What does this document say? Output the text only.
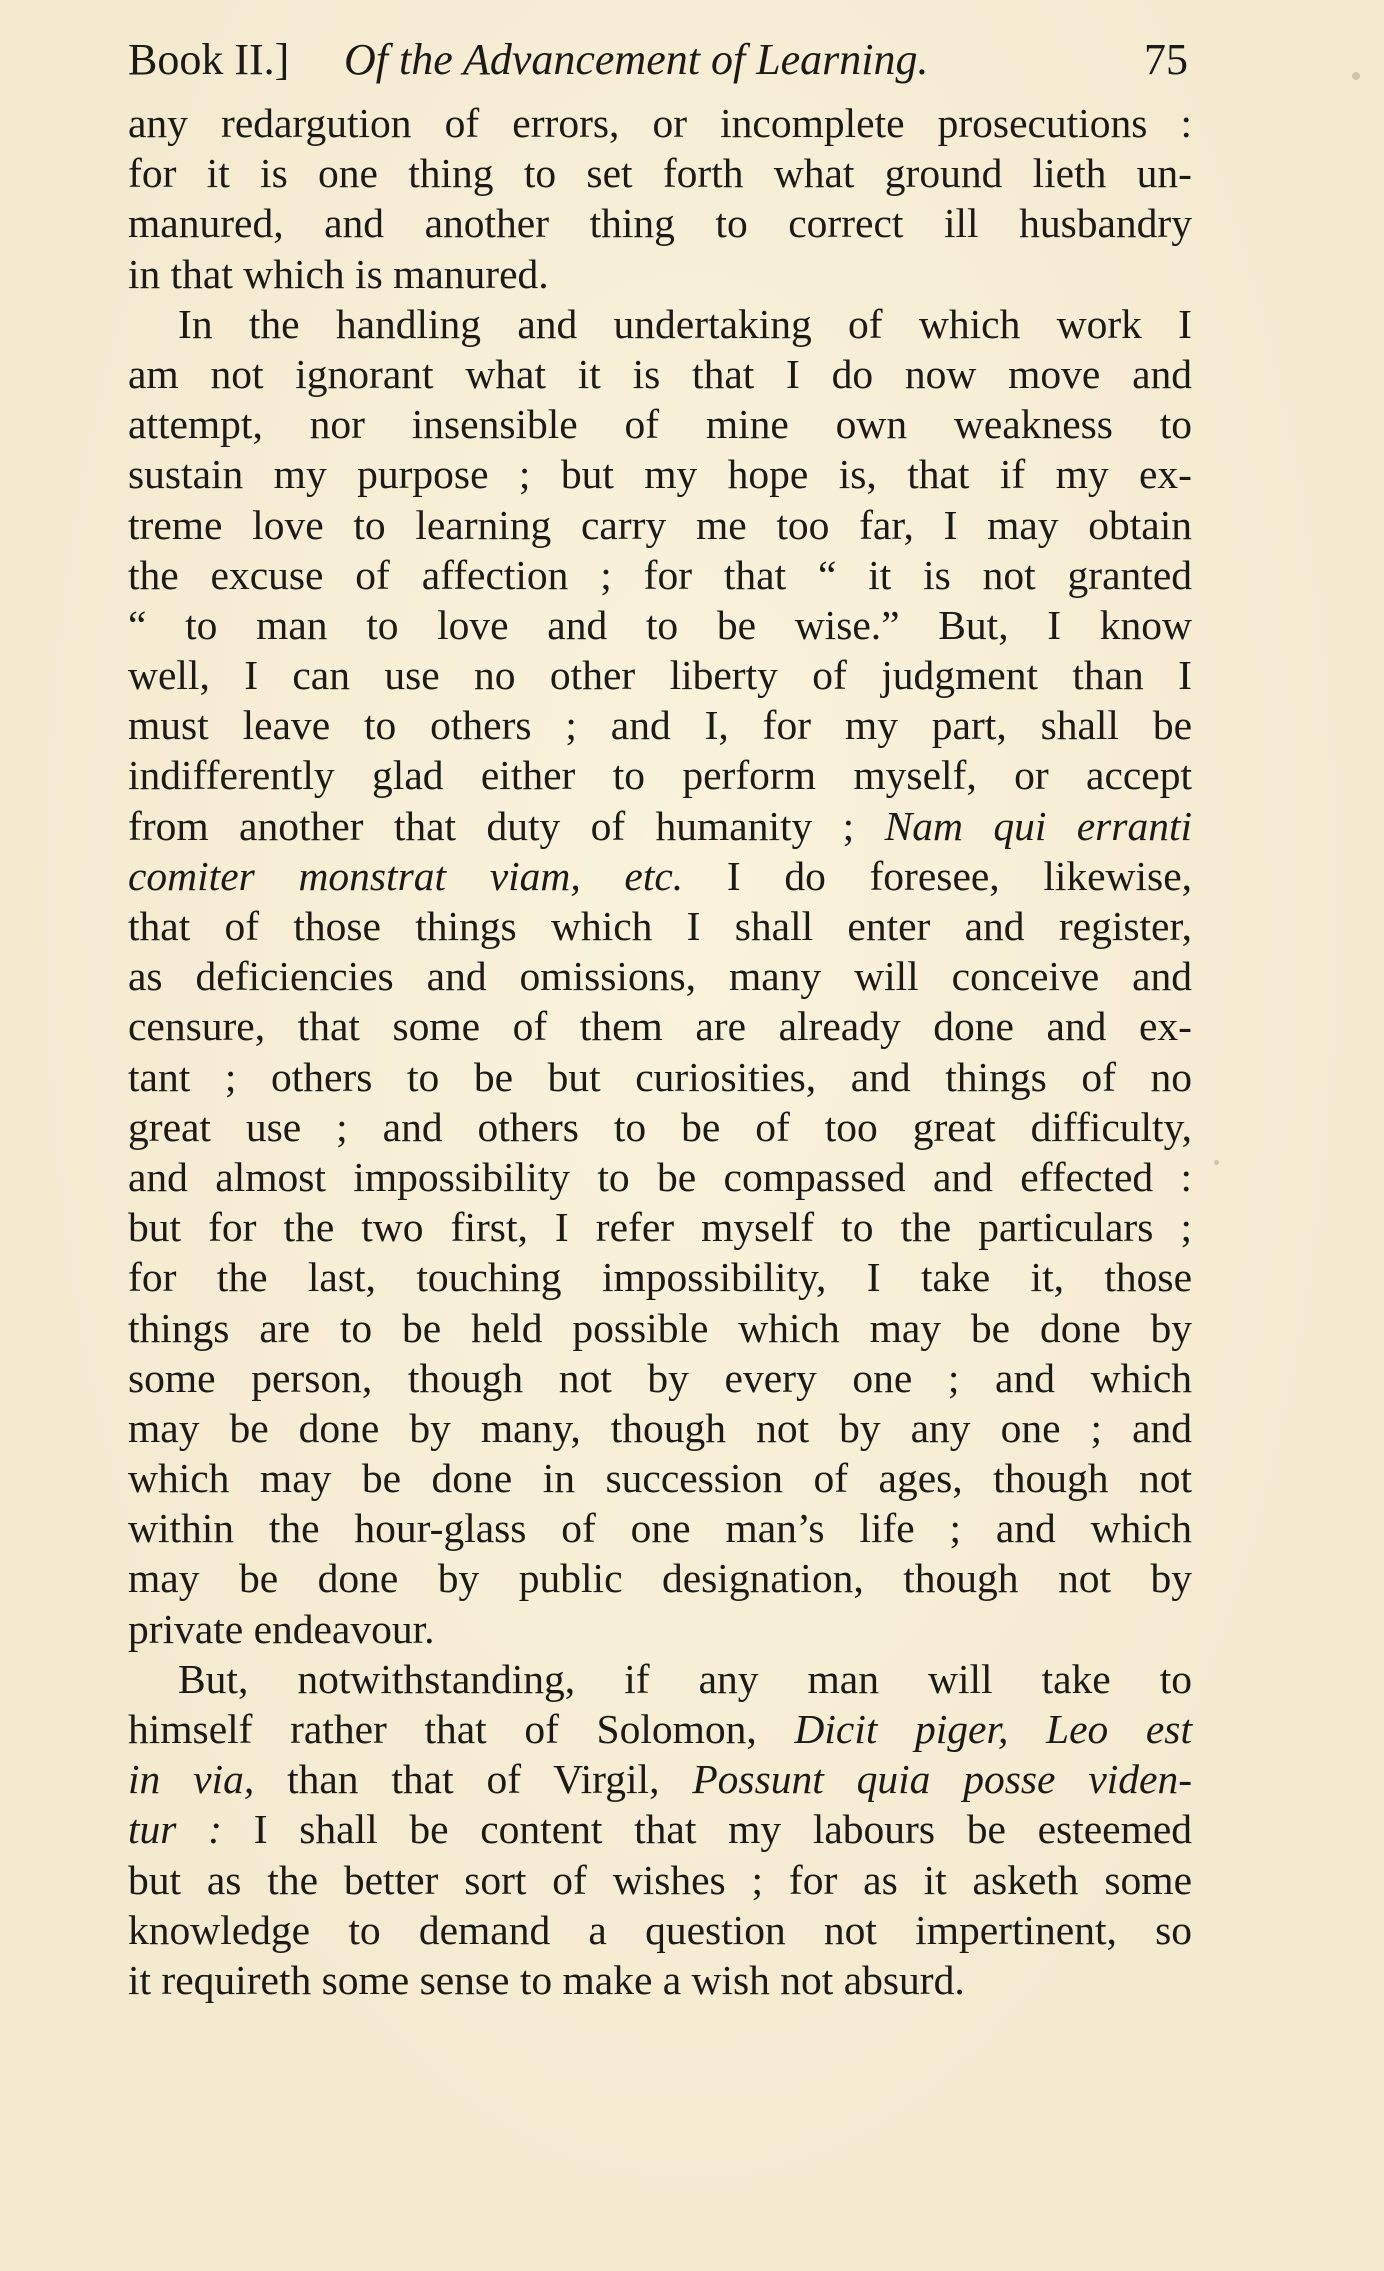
Book II.] Of the Advancement of Learning.	75
any redargution of errors, or incomplete prosecutions :
for it is one thing to set forth what ground lieth un-
manured, and another thing to correct ill husbandry
in that which is manured.
In the handling and undertaking of which work I
am not ignorant what it is that I do now move and
attempt, nor insensible of mine own weakness to
sustain my purpose ; but my hope is, that if my ex-
treme love to learning carry me too far, I may obtain
the excuse of affection ; for that “ it is not granted
“ to man to love and to be wise.” But, I know
well, I can use no other liberty of judgment than I
must leave to others ; and I, for my part, shall be
indifferently glad either to perform myself, or accept
from another that duty of humanity ; Nam qui erranti
comiter monstrat viam, etc. I do foresee, likewise,
that of those things which I shall enter and register,
as deficiencies and omissions, many will conceive and
censure, that some of them are already done and ex-
tant ; others to be but curiosities, and things of no
great use ; and others to be of too great difficulty,
and almost impossibility to be compassed and effected :
but for the two first, I refer myself to the particulars ;
for the last, touching impossibility, I take it, those
things are to be held possible which may be done by
some person, though not by every one ; and which
may be done by many, though not by any one ; and
which may be done in succession of ages, though not
within the hour-glass of one man’s life ; and which
may be done by public designation, though not by
private endeavour.
But, notwithstanding, if any man will take to
himself rather that of Solomon, Dicit piger, Leo est
in via, than that of Virgil, Possunt quia posse viden-
tur : I shall be content that my labours be esteemed
but as the better sort of wishes ; for as it asketh some
knowledge to demand a question not impertinent, so
it requireth some sense to make a wish not absurd.
